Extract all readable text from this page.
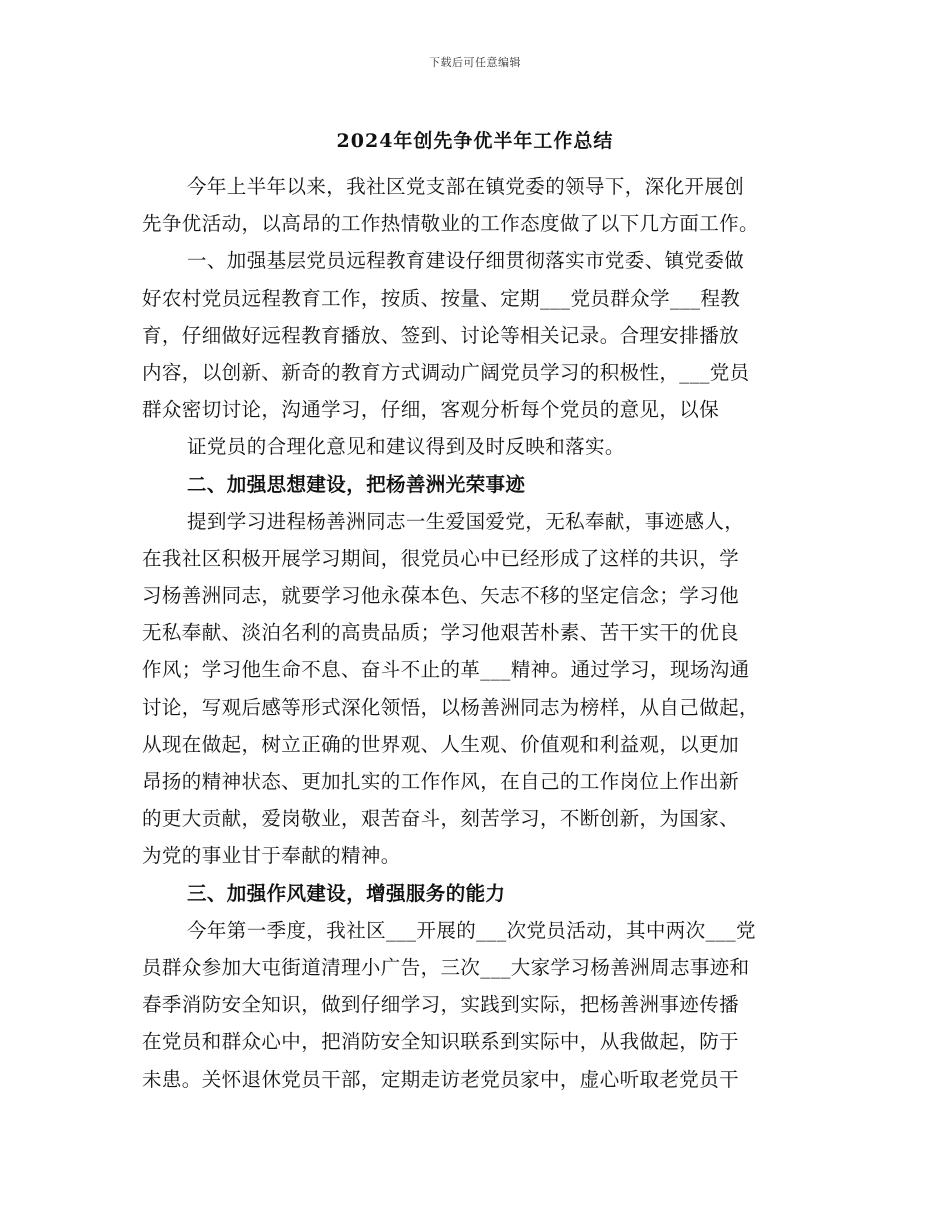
下载后可任意编辑
2024年创先争优半年工作总结
今年上半年以来，我社区党支部在镇党委的领导下，深化开展创
先争优活动，以高昂的工作热情敬业的工作态度做了以下几方面工作。
一、加强基层党员远程教育建设仔细贯彻落实市党委、镇党委做
好农村党员远程教育工作，按质、按量、定期___党员群众学___程教
育，仔细做好远程教育播放、签到、讨论等相关记录。合理安排播放
内容，以创新、新奇的教育方式调动广阔党员学习的积极性，___党员
群众密切讨论，沟通学习，仔细，客观分析每个党员的意见，以保
证党员的合理化意见和建议得到及时反映和落实。
二、加强思想建设，把杨善洲光荣事迹
提到学习进程杨善洲同志一生爱国爱党，无私奉献，事迹感人，
在我社区积极开展学习期间，很党员心中已经形成了这样的共识，学
习杨善洲同志，就要学习他永葆本色、矢志不移的坚定信念；学习他
无私奉献、淡泊名利的高贵品质；学习他艰苦朴素、苦干实干的优良
作风；学习他生命不息、奋斗不止的革___精神。通过学习，现场沟通
讨论，写观后感等形式深化领悟，以杨善洲同志为榜样，从自己做起，
从现在做起，树立正确的世界观、人生观、价值观和利益观，以更加
昂扬的精神状态、更加扎实的工作作风，在自己的工作岗位上作出新
的更大贡献，爱岗敬业，艰苦奋斗，刻苦学习，不断创新，为国家、
为党的事业甘于奉献的精神。
三、加强作风建设，增强服务的能力
今年第一季度，我社区___开展的___次党员活动，其中两次___党
员群众参加大屯街道清理小广告，三次___大家学习杨善洲周志事迹和
春季消防安全知识，做到仔细学习，实践到实际，把杨善洲事迹传播
在党员和群众心中，把消防安全知识联系到实际中，从我做起，防于
未患。关怀退休党员干部，定期走访老党员家中，虚心听取老党员干
